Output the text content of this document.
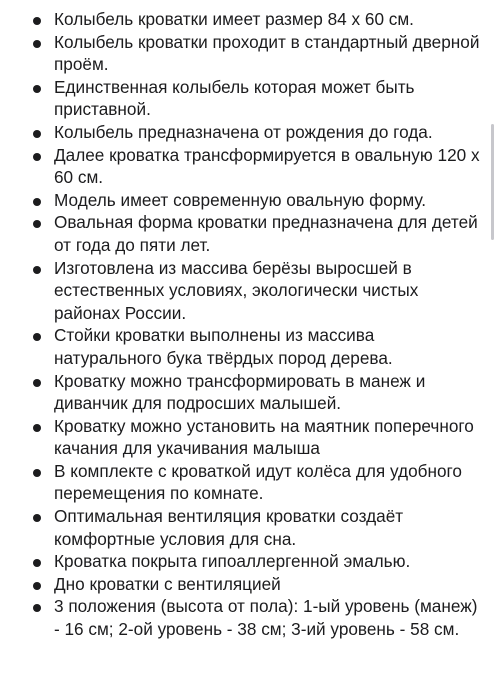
Колыбель кроватки имеет размер 84 х 60 см.
Колыбель кроватки проходит в стандартный дверной проём.
Единственная колыбель которая может быть приставной.
Колыбель предназначена от рождения до года.
Далее кроватка трансформируется в овальную 120 х 60 см.
Модель имеет современную овальную форму.
Овальная форма кроватки предназначена для детей от года до пяти лет.
Изготовлена из массива берёзы выросшей в естественных условиях, экологически чистых районах России.
Стойки кроватки выполнены из массива натурального бука твёрдых пород дерева.
Кроватку можно трансформировать в манеж и диванчик для подросших малышей.
Кроватку можно установить на маятник поперечного качания для укачивания малыша
В комплекте с кроваткой идут колёса для удобного перемещения по комнате.
Оптимальная вентиляция кроватки создаёт комфортные условия для сна.
Кроватка покрыта гипоаллергенной эмалью.
Дно кроватки с вентиляцией
3 положения (высота от пола): 1-ый уровень (манеж) - 16 см; 2-ой уровень - 38 см; 3-ий уровень - 58 см.
